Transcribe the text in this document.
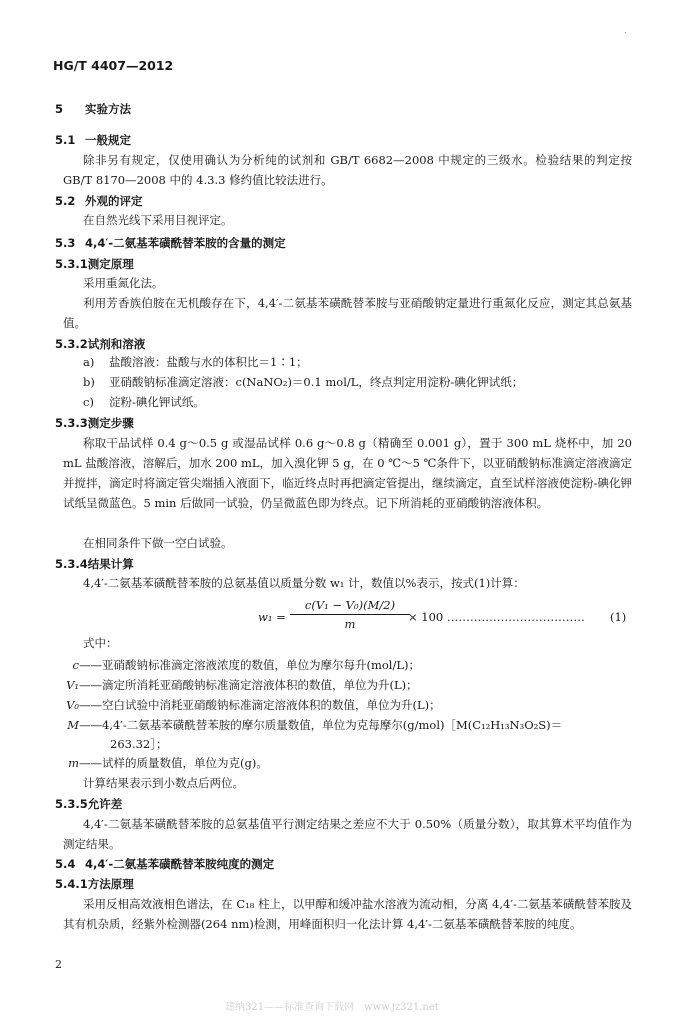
.
HG/T 4407—2012
5 实验方法
5.1 一般规定
除非另有规定，仅使用确认为分析纯的试剂和 GB/T 6682—2008 中规定的三级水。检验结果的判定按 GB/T 8170—2008 中的 4.3.3 修约值比较法进行。
5.2 外观的评定
在自然光线下采用目视评定。
5.3 4,4′-二氨基苯磺酰替苯胺的含量的测定
5.3.1测定原理
采用重氮化法。
利用芳香族伯胺在无机酸存在下，4,4′-二氨基苯磺酰替苯胺与亚硝酸钠定量进行重氮化反应，测定其总氨基值。
5.3.2试剂和溶液
a) 盐酸溶液：盐酸与水的体积比＝1∶1；
b) 亚硝酸钠标准滴定溶液：c(NaNO₂)＝0.1 mol/L，终点判定用淀粉-碘化钾试纸；
c) 淀粉-碘化钾试纸。
5.3.3测定步骤
称取干品试样 0.4 g～0.5 g 或湿品试样 0.6 g～0.8 g（精确至 0.001 g），置于 300 mL 烧杯中，加 20 mL 盐酸溶液，溶解后，加水 200 mL，加入溴化钾 5 g，在 0 ℃～5 ℃条件下，以亚硝酸钠标准滴定溶液滴定并搅拌，滴定时将滴定管尖端插入液面下，临近终点时再把滴定管提出，继续滴定，直至试样溶液使淀粉-碘化钾试纸呈微蓝色。5 min 后做同一试验，仍呈微蓝色即为终点。记下所消耗的亚硝酸钠溶液体积。
在相同条件下做一空白试验。
5.3.4结果计算
4,4′-二氨基苯磺酰替苯胺的总氨基值以质量分数 w₁ 计，数值以%表示，按式(1)计算：
$w_1 = \frac{\text{c(V₁ − V₀)(M/2)}}{m}$
× 100 ……………………………… (1)
式中：
c——亚硝酸钠标准滴定溶液浓度的数值，单位为摩尔每升(mol/L)；
V₁——滴定所消耗亚硝酸钠标准滴定溶液体积的数值，单位为升(L)；
V₀——空白试验中消耗亚硝酸钠标准滴定溶液体积的数值，单位为升(L)；
M——4,4′-二氨基苯磺酰替苯胺的摩尔质量数值，单位为克每摩尔(g/mol)［M(C₁₂H₁₃N₃O₂S)＝
263.32］；
m——试样的质量数值，单位为克(g)。
计算结果表示到小数点后两位。
5.3.5允许差
4,4′-二氨基苯磺酰替苯胺的总氨基值平行测定结果之差应不大于 0.50%（质量分数），取其算术平均值作为测定结果。
5.4 4,4′-二氨基苯磺酰替苯胺纯度的测定
5.4.1方法原理
采用反相高效液相色谱法，在 C₁₈ 柱上，以甲醇和缓冲盐水溶液为流动相，分离 4,4′-二氨基苯磺酰替苯胺及其有机杂质，经紫外检测器(264 nm)检测，用峰面积归一化法计算 4,4′-二氨基苯磺酰替苯胺的纯度。
2
建纳321——标准查询下载网　www.jz321.net
